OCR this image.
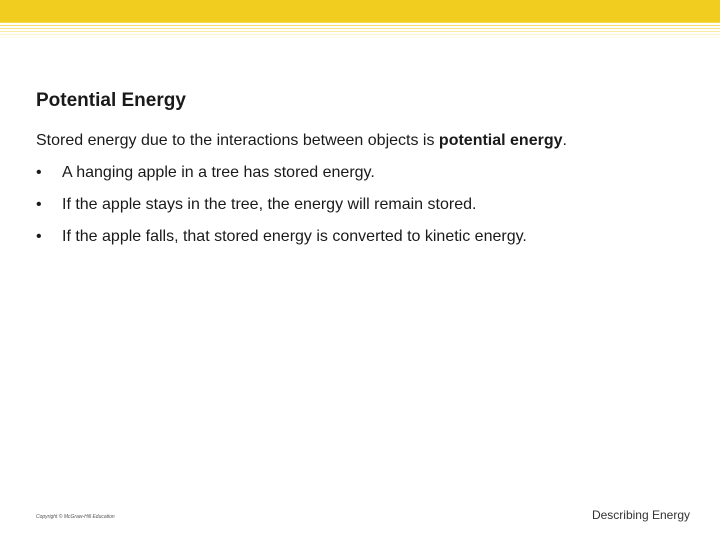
Potential Energy

Stored energy due to the interactions between objects is potential energy.

•	A hanging apple in a tree has stored energy.
•	If the apple stays in the tree, the energy will remain stored.
•	If the apple falls, that stored energy is converted to kinetic energy.
Copyright © McGraw-Hill Education	Describing Energy
